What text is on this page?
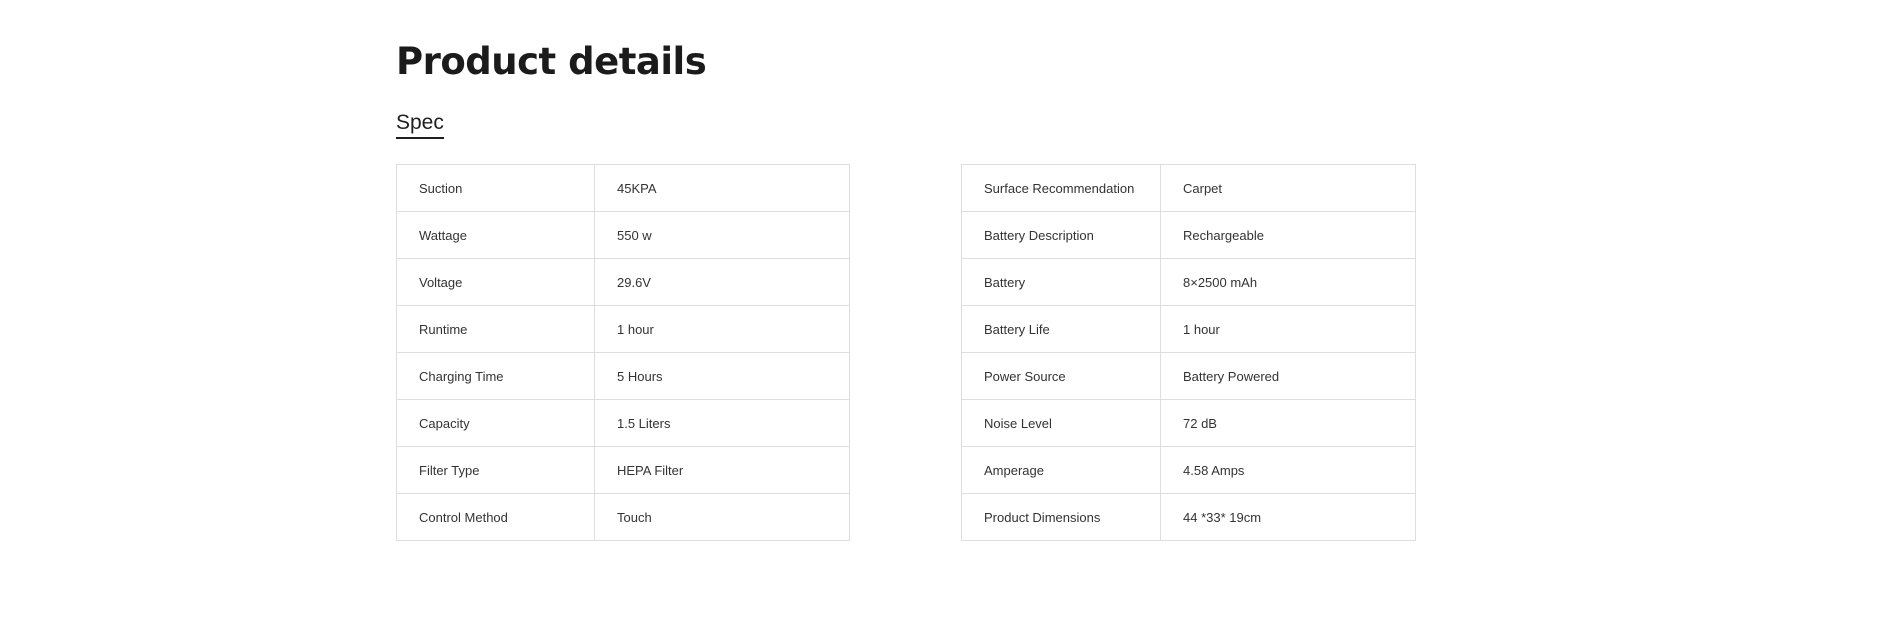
Product details
Spec
Suction	45KPA
Wattage	550 w
Voltage	29.6V
Runtime	1 hour
Charging Time	5 Hours
Capacity	1.5 Liters
Filter Type	HEPA Filter
Control Method	Touch
Surface Recommendation	Carpet
Battery Description	Rechargeable
Battery	8×2500 mAh
Battery Life	1 hour
Power Source	Battery Powered
Noise Level	72 dB
Amperage	4.58 Amps
Product Dimensions	44 *33* 19cm
